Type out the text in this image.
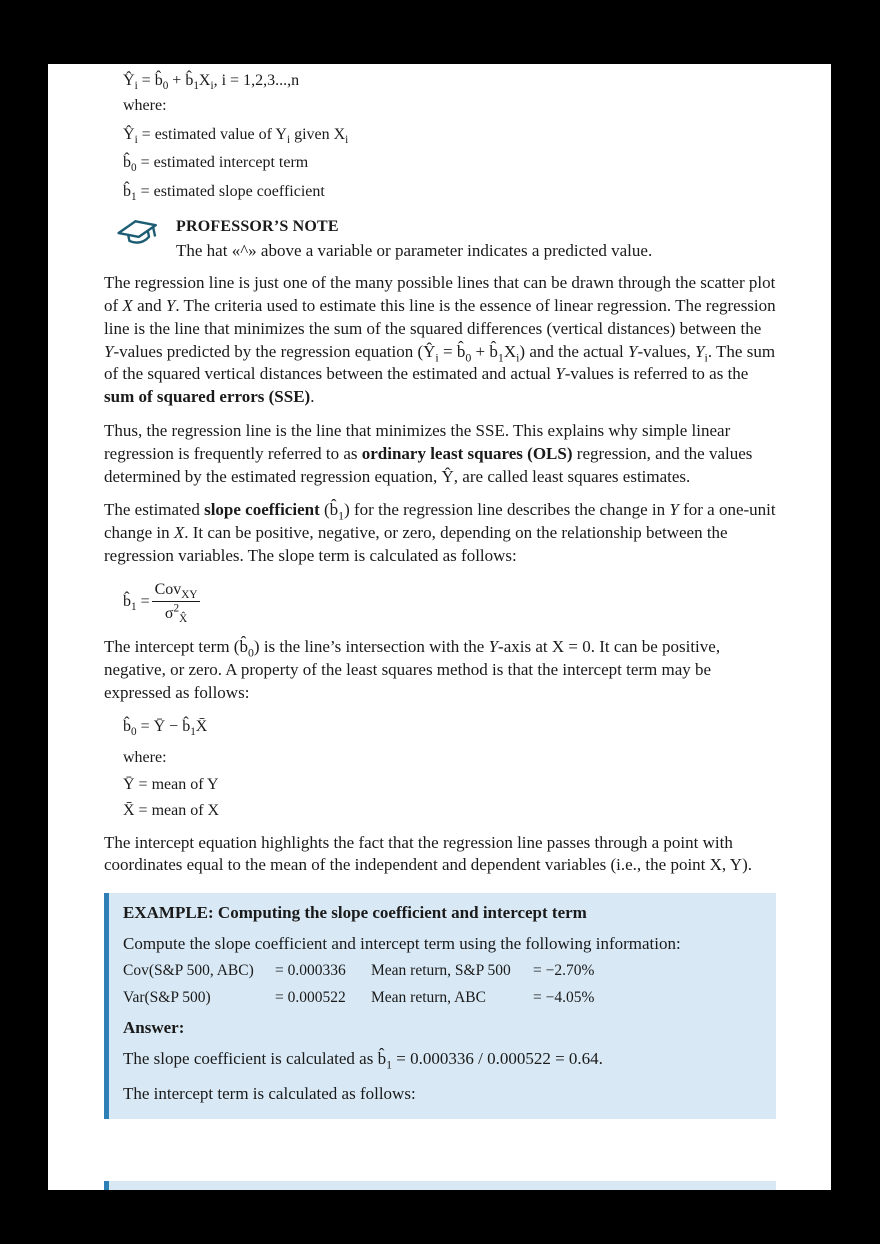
$Ŷ_i$ = $b̂_0$ + $b̂_1X_i$, i = 1,2,3...,n
where:
$Ŷ_i$ = estimated value of $Y_i$ given $X_i$
$b̂_0$ = estimated intercept term
$b̂_1$ = estimated slope coefficient
PROFESSOR’S NOTE
The hat «^» above a variable or parameter indicates a predicted value.

The regression line is just one of the many possible lines that can be drawn through the scatter plot of X and Y. The criteria used to estimate this line is the essence of linear regression. The regression line is the line that minimizes the sum of the squared differences (vertical distances) between the Y-values predicted by the regression equation ($Ŷ_i$ = $b̂_0$ + $b̂_1X_i$) and the actual Y-values, $Y_i$. The sum of the squared vertical distances between the estimated and actual Y-values is referred to as the sum of squared errors (SSE).

Thus, the regression line is the line that minimizes the SSE. This explains why simple linear regression is frequently referred to as ordinary least squares (OLS) regression, and the values determined by the estimated regression equation, Ŷ, are called least squares estimates.

The estimated slope coefficient $(b̂_1)$ for the regression line describes the change in Y for a one-unit change in X. It can be positive, negative, or zero, depending on the relationship between the regression variables. The slope term is calculated as follows:

$b̂_1 = \frac{Cov_{XY}}{\sigma^2_{X̂}}$

The intercept term $(b̂_0)$ is the line’s intersection with the Y-axis at X = 0. It can be positive, negative, or zero. A property of the least squares method is that the intercept term may be expressed as follows:

$b̂_0$ = Ȳ − $b̂_1X̄$
where:
Ȳ = mean of Y
X̄ = mean of X

The intercept equation highlights the fact that the regression line passes through a point with coordinates equal to the mean of the independent and dependent variables (i.e., the point X, Y).

EXAMPLE: Computing the slope coefficient and intercept term
Compute the slope coefficient and intercept term using the following information:
Cov(S&P 500, ABC)	= 0.000336	Mean return, S&P 500	= −2.70%
Var(S&P 500)	= 0.000522	Mean return, ABC	= −4.05%
Answer:

The slope coefficient is calculated as $b̂_1 = 0.000336 / 0.000522 = 0.64$.

The intercept term is calculated as follows:
